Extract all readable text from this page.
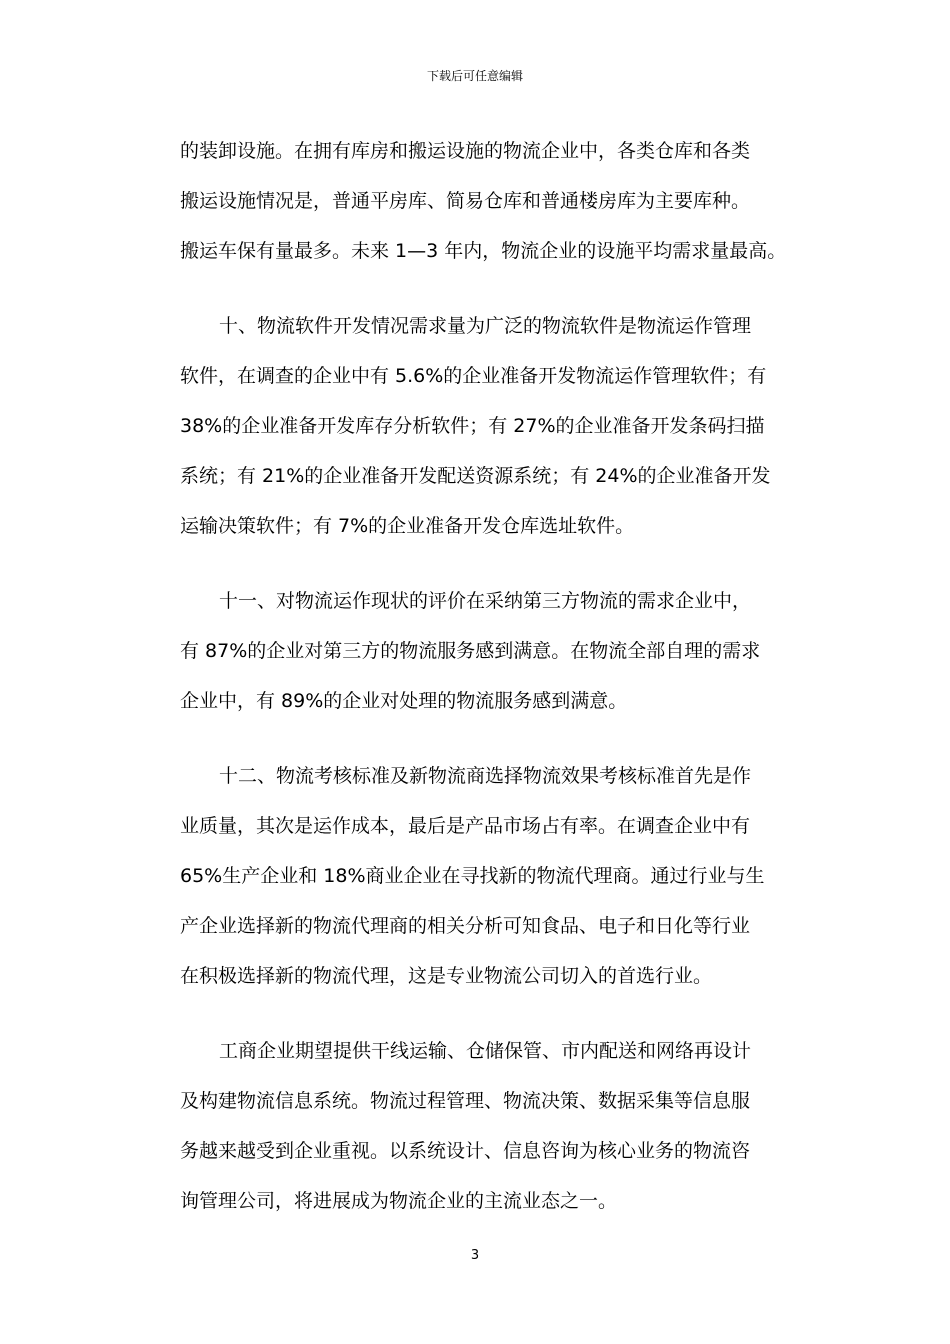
下载后可任意编辑
的装卸设施。在拥有库房和搬运设施的物流企业中，各类仓库和各类
搬运设施情况是，普通平房库、简易仓库和普通楼房库为主要库种。
搬运车保有量最多。未来 1—3 年内，物流企业的设施平均需求量最高。
十、物流软件开发情况需求量为广泛的物流软件是物流运作管理
软件，在调查的企业中有 5.6%的企业准备开发物流运作管理软件；有
38%的企业准备开发库存分析软件；有 27%的企业准备开发条码扫描
系统；有 21%的企业准备开发配送资源系统；有 24%的企业准备开发
运输决策软件；有 7%的企业准备开发仓库选址软件。
十一、对物流运作现状的评价在采纳第三方物流的需求企业中，
有 87%的企业对第三方的物流服务感到满意。在物流全部自理的需求
企业中，有 89%的企业对处理的物流服务感到满意。
十二、物流考核标准及新物流商选择物流效果考核标准首先是作
业质量，其次是运作成本，最后是产品市场占有率。在调查企业中有
65%生产企业和 18%商业企业在寻找新的物流代理商。通过行业与生
产企业选择新的物流代理商的相关分析可知食品、电子和日化等行业
在积极选择新的物流代理，这是专业物流公司切入的首选行业。
工商企业期望提供干线运输、仓储保管、市内配送和网络再设计
及构建物流信息系统。物流过程管理、物流决策、数据采集等信息服
务越来越受到企业重视。以系统设计、信息咨询为核心业务的物流咨
询管理公司，将进展成为物流企业的主流业态之一。
3
